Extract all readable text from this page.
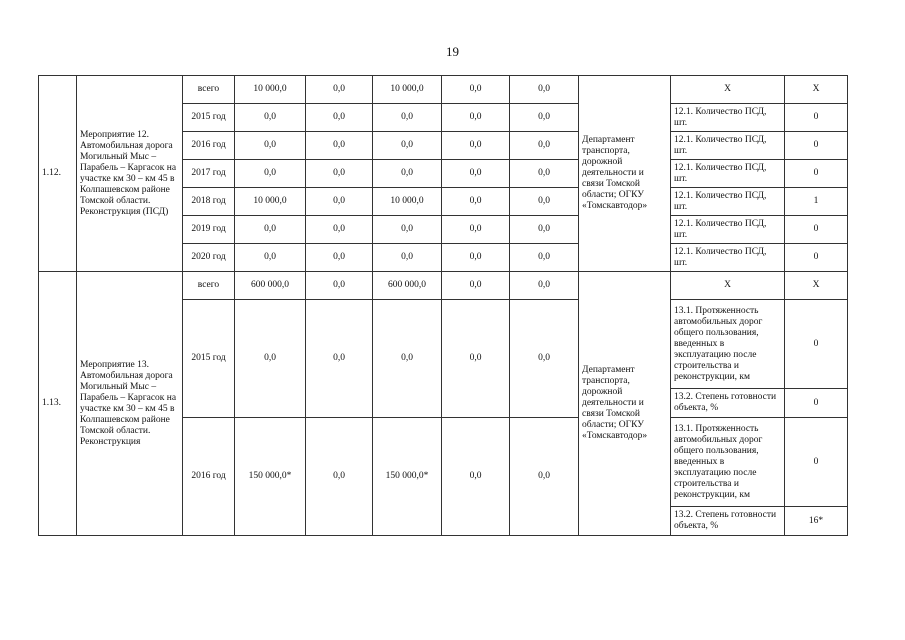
19
1.12.	Мероприятие 12. Автомобильная дорога Могильный Мыс – Парабель – Каргасок на участке км 30 – км 45 в Колпашевском районе Томской области. Реконструкция (ПСД)	всего	10 000,0	0,0	10 000,0	0,0	0,0	Департамент транспорта, дорожной деятельности и связи Томской области; ОГКУ «Томскавтодор»	Х	Х
		2015 год	0,0	0,0	0,0	0,0	0,0		12.1. Количество ПСД, шт.	0
		2016 год	0,0	0,0	0,0	0,0	0,0		12.1. Количество ПСД, шт.	0
		2017 год	0,0	0,0	0,0	0,0	0,0		12.1. Количество ПСД, шт.	0
		2018 год	10 000,0	0,0	10 000,0	0,0	0,0		12.1. Количество ПСД, шт.	1
		2019 год	0,0	0,0	0,0	0,0	0,0		12.1. Количество ПСД, шт.	0
		2020 год	0,0	0,0	0,0	0,0	0,0		12.1. Количество ПСД, шт.	0
1.13.	Мероприятие 13. Автомобильная дорога Могильный Мыс – Парабель – Каргасок на участке км 30 – км 45 в Колпашевском районе Томской области. Реконструкция	всего	600 000,0	0,0	600 000,0	0,0	0,0	Департамент транспорта, дорожной деятельности и связи Томской области; ОГКУ «Томскавтодор»	Х	Х
		2015 год	0,0	0,0	0,0	0,0	0,0		13.1. Протяженность автомобильных дорог общего пользования, введенных в эксплуатацию после строительства и реконструкции, км	0
									13.2. Степень готовности объекта, %	0
		2016 год	150 000,0*	0,0	150 000,0*	0,0	0,0		13.1. Протяженность автомобильных дорог общего пользования, введенных в эксплуатацию после строительства и реконструкции, км	0
									13.2. Степень готовности объекта, %	16*
